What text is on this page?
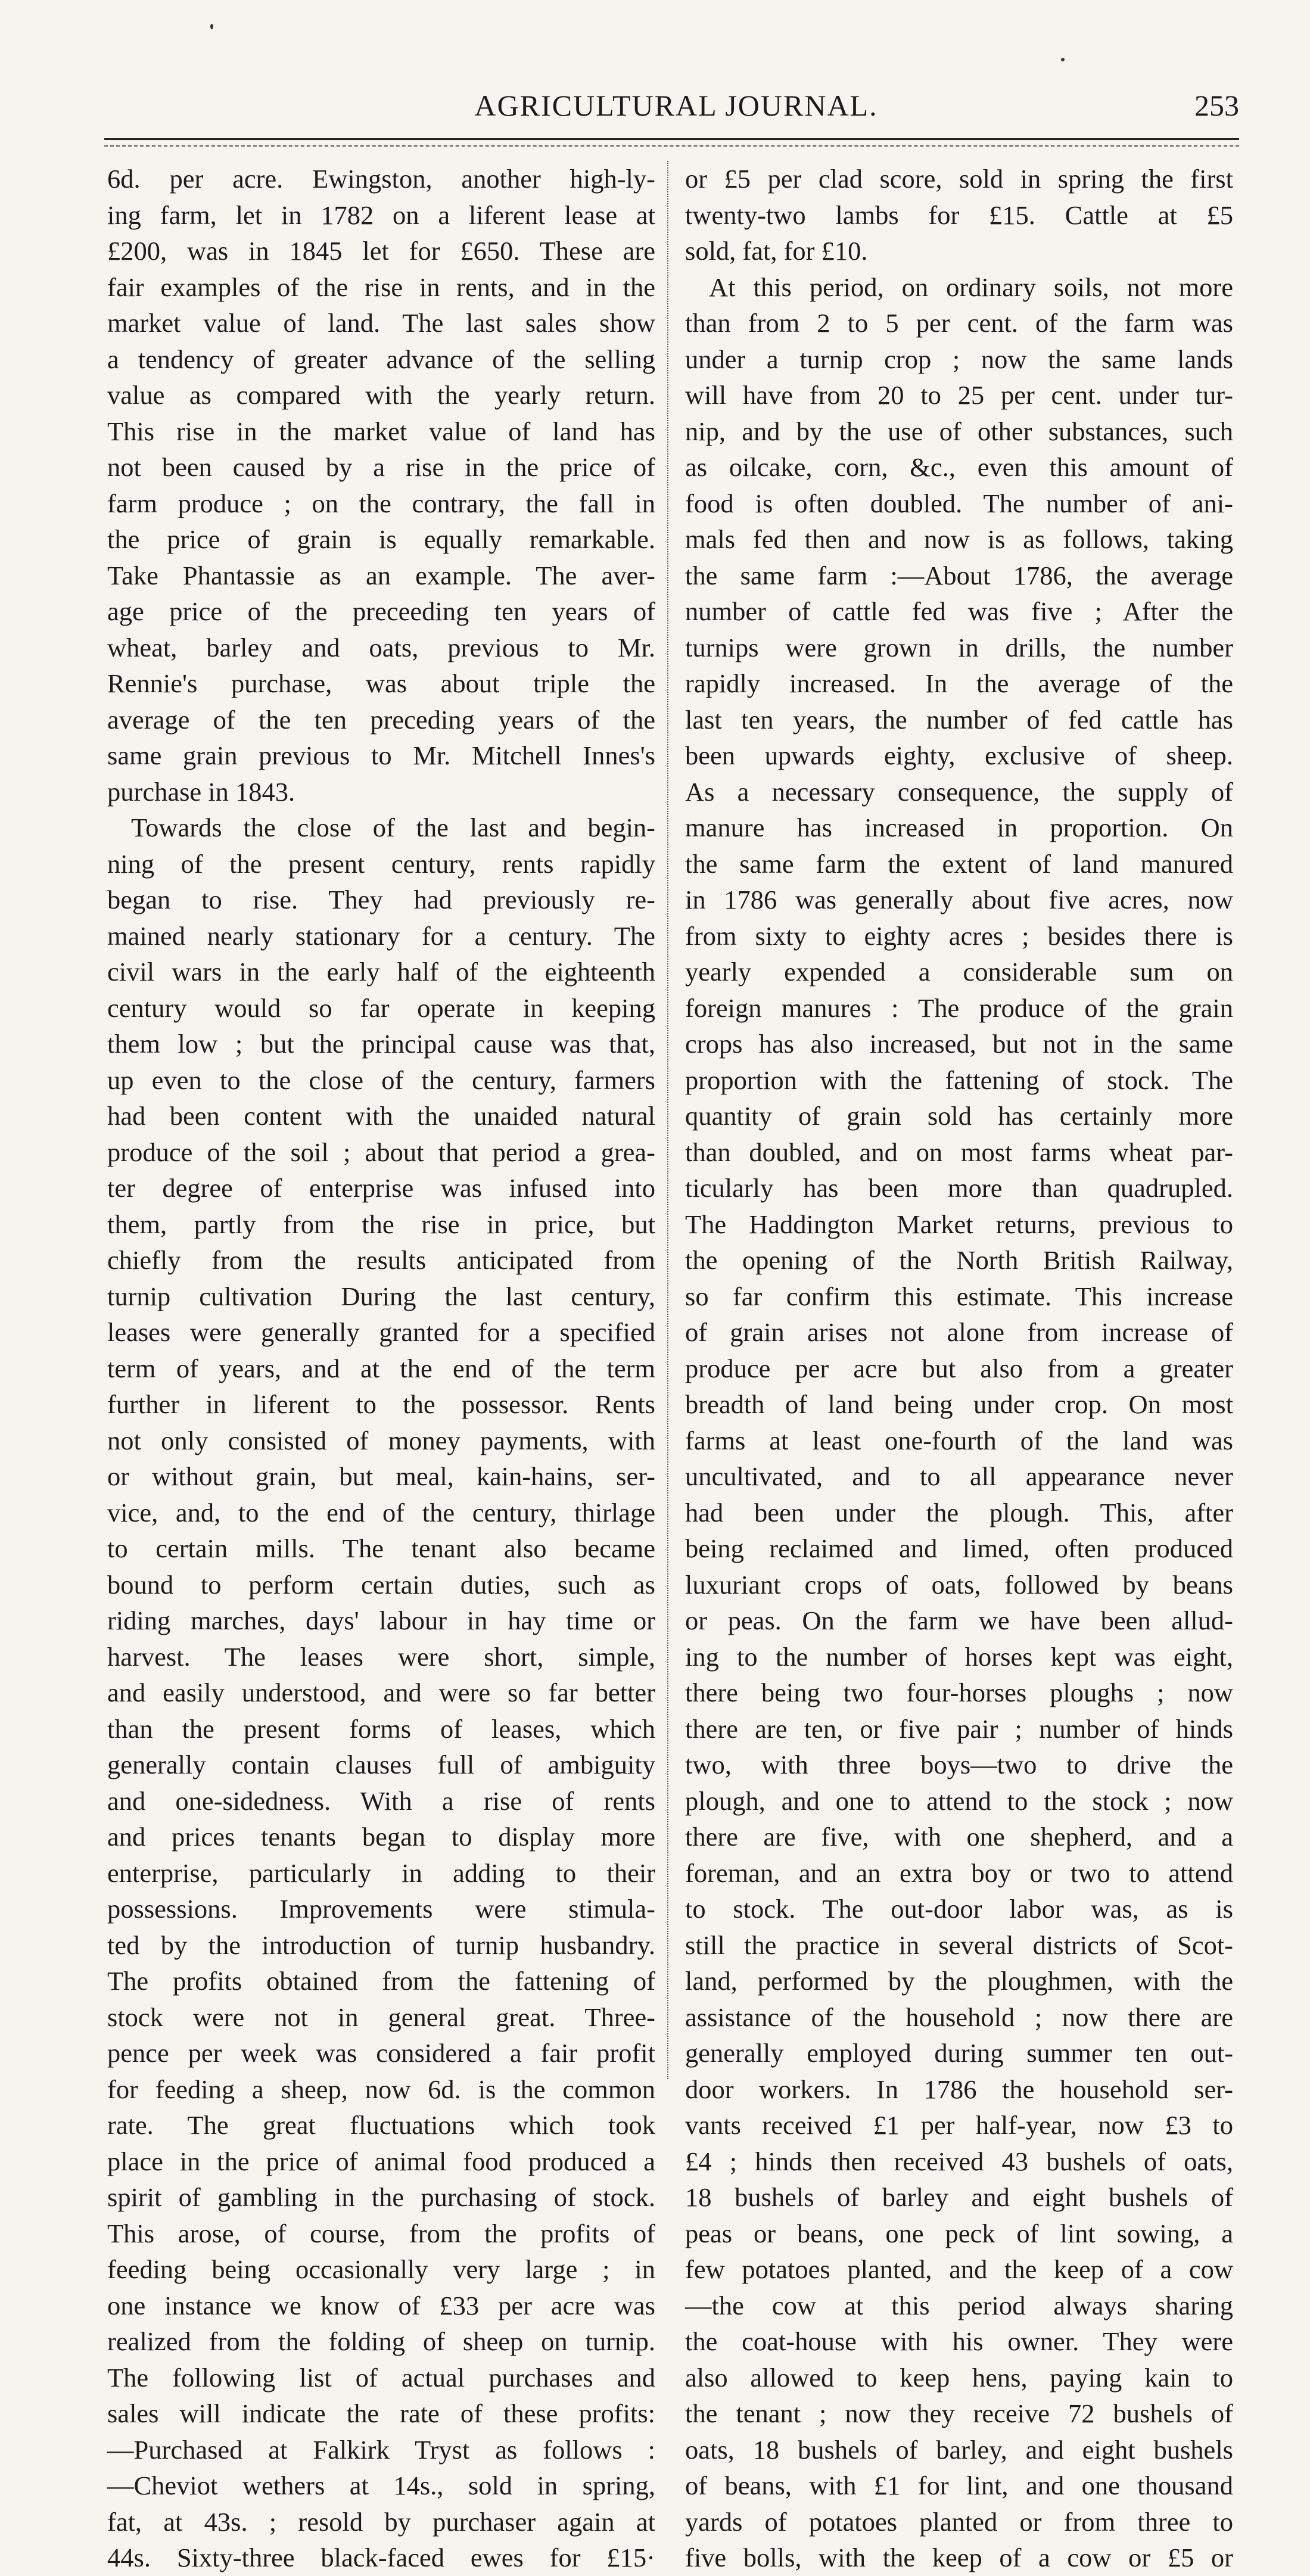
AGRICULTURAL JOURNAL.	253
6d. per acre. Ewingston, another high-ly-
ing farm, let in 1782 on a liferent lease at
£200, was in 1845 let for £650. These are
fair examples of the rise in rents, and in the
market value of land. The last sales show
a tendency of greater advance of the selling
value as compared with the yearly return.
This rise in the market value of land has
not been caused by a rise in the price of
farm produce ; on the contrary, the fall in
the price of grain is equally remarkable.
Take Phantassie as an example. The aver-
age price of the preceeding ten years of
wheat, barley and oats, previous to Mr.
Rennie's purchase, was about triple the
average of the ten preceding years of the
same grain previous to Mr. Mitchell Innes's
purchase in 1843.
Towards the close of the last and begin-
ning of the present century, rents rapidly
began to rise. They had previously re-
mained nearly stationary for a century. The
civil wars in the early half of the eighteenth
century would so far operate in keeping
them low ; but the principal cause was that,
up even to the close of the century, farmers
had been content with the unaided natural
produce of the soil ; about that period a grea-
ter degree of enterprise was infused into
them, partly from the rise in price, but
chiefly from the results anticipated from
turnip cultivation During the last century,
leases were generally granted for a specified
term of years, and at the end of the term
further in liferent to the possessor. Rents
not only consisted of money payments, with
or without grain, but meal, kain-hains, ser-
vice, and, to the end of the century, thirlage
to certain mills. The tenant also became
bound to perform certain duties, such as
riding marches, days' labour in hay time or
harvest. The leases were short, simple,
and easily understood, and were so far better
than the present forms of leases, which
generally contain clauses full of ambiguity
and one-sidedness. With a rise of rents
and prices tenants began to display more
enterprise, particularly in adding to their
possessions. Improvements were stimula-
ted by the introduction of turnip husbandry.
The profits obtained from the fattening of
stock were not in general great. Three-
pence per week was considered a fair profit
for feeding a sheep, now 6d. is the common
rate. The great fluctuations which took
place in the price of animal food produced a
spirit of gambling in the purchasing of stock.
This arose, of course, from the profits of
feeding being occasionally very large ; in
one instance we know of £33 per acre was
realized from the folding of sheep on turnip.
The following list of actual purchases and
sales will indicate the rate of these profits:
—Purchased at Falkirk Tryst as follows :
—Cheviot wethers at 14s., sold in spring,
fat, at 43s. ; resold by purchaser again at
44s. Sixty-three black-faced ewes for £15·
or £5 per clad score, sold in spring the first
twenty-two lambs for £15. Cattle at £5
sold, fat, for £10.
At this period, on ordinary soils, not more
than from 2 to 5 per cent. of the farm was
under a turnip crop ; now the same lands
will have from 20 to 25 per cent. under tur-
nip, and by the use of other substances, such
as oilcake, corn, &c., even this amount of
food is often doubled. The number of ani-
mals fed then and now is as follows, taking
the same farm :—About 1786, the average
number of cattle fed was five ; After the
turnips were grown in drills, the number
rapidly increased. In the average of the
last ten years, the number of fed cattle has
been upwards eighty, exclusive of sheep.
As a necessary consequence, the supply of
manure has increased in proportion. On
the same farm the extent of land manured
in 1786 was generally about five acres, now
from sixty to eighty acres ; besides there is
yearly expended a considerable sum on
foreign manures : The produce of the grain
crops has also increased, but not in the same
proportion with the fattening of stock. The
quantity of grain sold has certainly more
than doubled, and on most farms wheat par-
ticularly has been more than quadrupled.
The Haddington Market returns, previous to
the opening of the North British Railway,
so far confirm this estimate. This increase
of grain arises not alone from increase of
produce per acre but also from a greater
breadth of land being under crop. On most
farms at least one-fourth of the land was
uncultivated, and to all appearance never
had been under the plough. This, after
being reclaimed and limed, often produced
luxuriant crops of oats, followed by beans
or peas. On the farm we have been allud-
ing to the number of horses kept was eight,
there being two four-horses ploughs ; now
there are ten, or five pair ; number of hinds
two, with three boys—two to drive the
plough, and one to attend to the stock ; now
there are five, with one shepherd, and a
foreman, and an extra boy or two to attend
to stock. The out-door labor was, as is
still the practice in several districts of Scot-
land, performed by the ploughmen, with the
assistance of the household ; now there are
generally employed during summer ten out-
door workers. In 1786 the household ser-
vants received £1 per half-year, now £3 to
£4 ; hinds then received 43 bushels of oats,
18 bushels of barley and eight bushels of
peas or beans, one peck of lint sowing, a
few potatoes planted, and the keep of a cow
—the cow at this period always sharing
the coat-house with his owner. They were
also allowed to keep hens, paying kain to
the tenant ; now they receive 72 bushels of
oats, 18 bushels of barley, and eight bushels
of beans, with £1 for lint, and one thousand
yards of potatoes planted or from three to
five bolls, with the keep of a cow or £5 or
